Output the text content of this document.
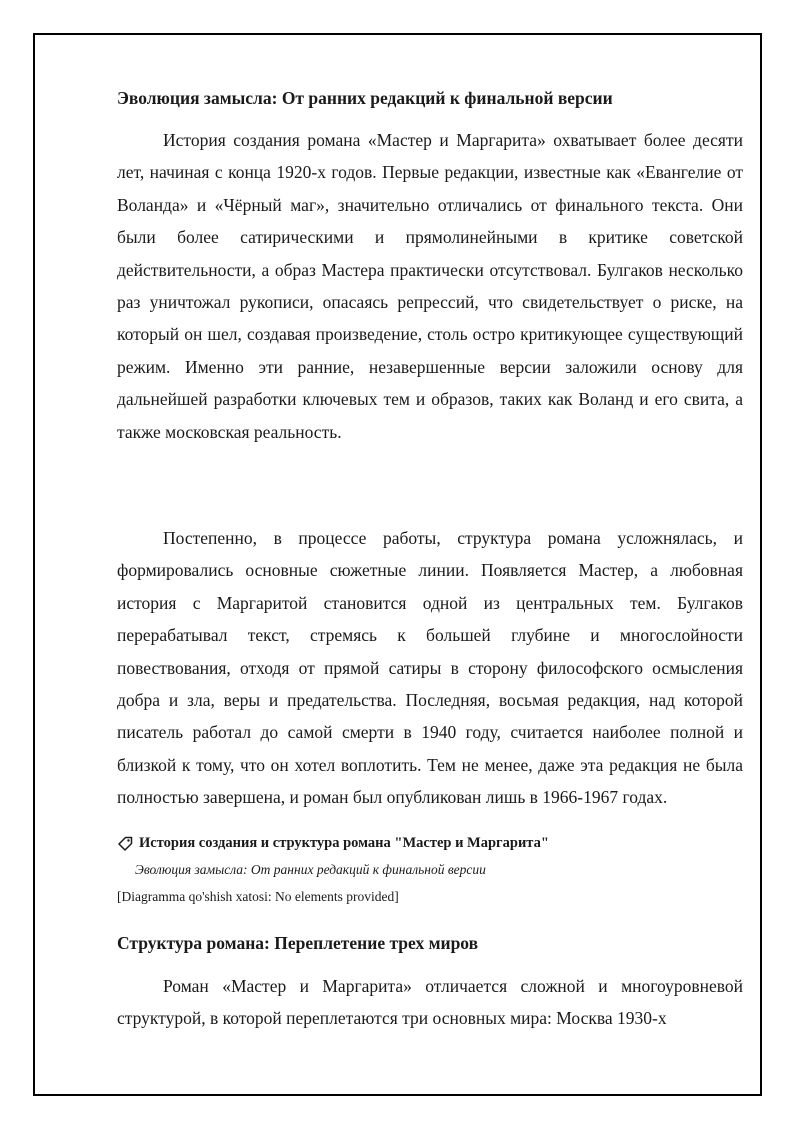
Эволюция замысла: От ранних редакций к финальной версии

История создания романа «Мастер и Маргарита» охватывает более десяти лет, начиная с конца 1920-х годов. Первые редакции, известные как «Евангелие от Воланда» и «Чёрный маг», значительно отличались от финального текста. Они были более сатирическими и прямолинейными в критике советской действительности, а образ Мастера практически отсутствовал. Булгаков несколько раз уничтожал рукописи, опасаясь репрессий, что свидетельствует о риске, на который он шел, создавая произведение, столь остро критикующее существующий режим. Именно эти ранние, незавершенные версии заложили основу для дальнейшей разработки ключевых тем и образов, таких как Воланд и его свита, а также московская реальность.

Постепенно, в процессе работы, структура романа усложнялась, и формировались основные сюжетные линии. Появляется Мастер, а любовная история с Маргаритой становится одной из центральных тем. Булгаков перерабатывал текст, стремясь к большей глубине и многослойности повествования, отходя от прямой сатиры в сторону философского осмысления добра и зла, веры и предательства. Последняя, восьмая редакция, над которой писатель работал до самой смерти в 1940 году, считается наиболее полной и близкой к тому, что он хотел воплотить. Тем не менее, даже эта редакция не была полностью завершена, и роман был опубликован лишь в 1966-1967 годах.

История создания и структура романа "Мастер и Маргарита"
Эволюция замысла: От ранних редакций к финальной версии
[Diagramma qo'shish xatosi: No elements provided]
Структура романа: Переплетение трех миров

Роман «Мастер и Маргарита» отличается сложной и многоуровневой структурой, в которой переплетаются три основных мира: Москва 1930-х
